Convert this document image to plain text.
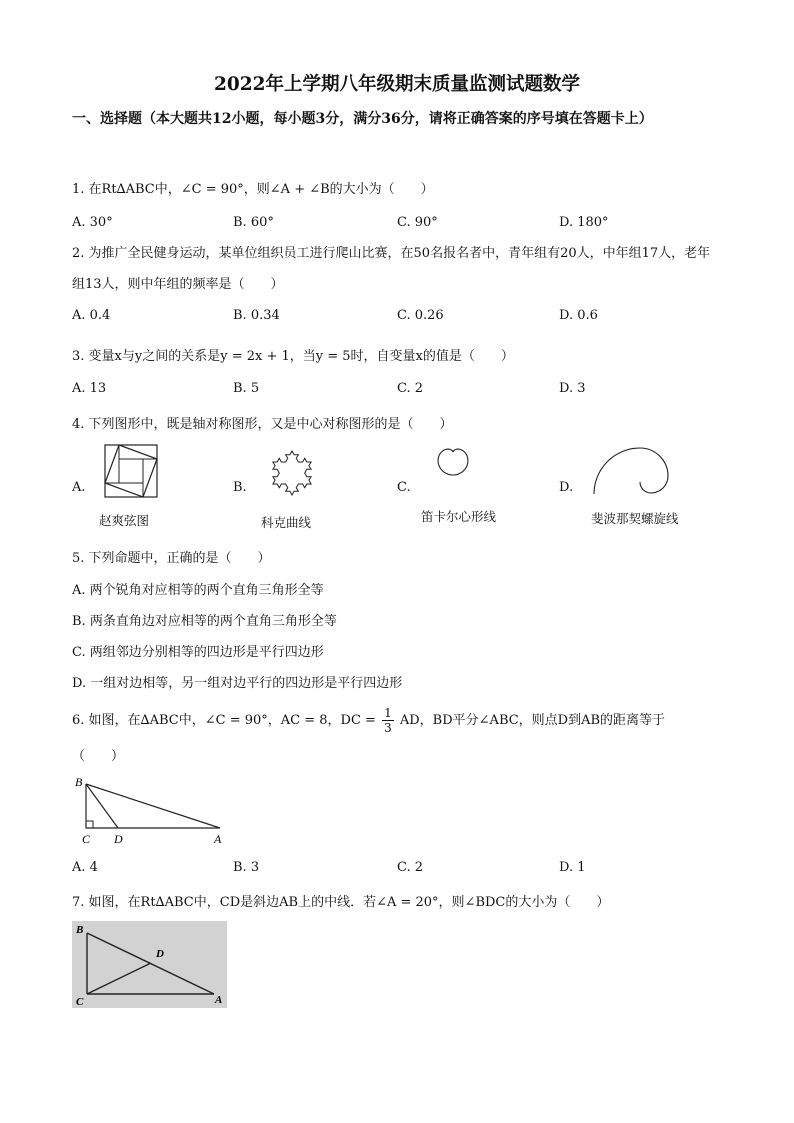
2022年上学期八年级期末质量监测试题数学
一、选择题（本大题共12小题，每小题3分，满分36分，请将正确答案的序号填在答题卡上）
1. 在Rt∆ABC中，∠C = 90°，则∠A + ∠B的大小为（　　）
A. 30°	B. 60°	C. 90°	D. 180°
2. 为推广全民健身运动，某单位组织员工进行爬山比赛，在50名报名者中，青年组有20人，中年组17人，老年组13人，则中年组的频率是（　　）
A. 0.4	B. 0.34	C. 0.26	D. 0.6
3. 变量x与y之间的关系是y = 2x + 1，当y = 5时，自变量x的值是（　　）
A. 13	B. 5	C. 2	D. 3
4. 下列图形中，既是轴对称图形，又是中心对称图形的是（　　）
A.
赵爽弦图
B.
科克曲线
C.
笛卡尔心形线
D.
斐波那契螺旋线
5. 下列命题中，正确的是（　　）
A. 两个锐角对应相等的两个直角三角形全等
B. 两条直角边对应相等的两个直角三角形全等
C. 两组邻边分别相等的四边形是平行四边形
D. 一组对边相等，另一组对边平行的四边形是平行四边形
6. 如图，在∆ABC中，∠C = 90°，AC = 8，DC = $\frac{1}{3}$ AD，BD平分∠ABC，则点D到AB的距离等于
（　　）
B
C D	A
A. 4	B. 3	C. 2	D. 1
7. 如图，在Rt∆ABC中，CD是斜边AB上的中线．若∠A = 20°，则∠BDC的大小为（　　）
B
D
C	A
